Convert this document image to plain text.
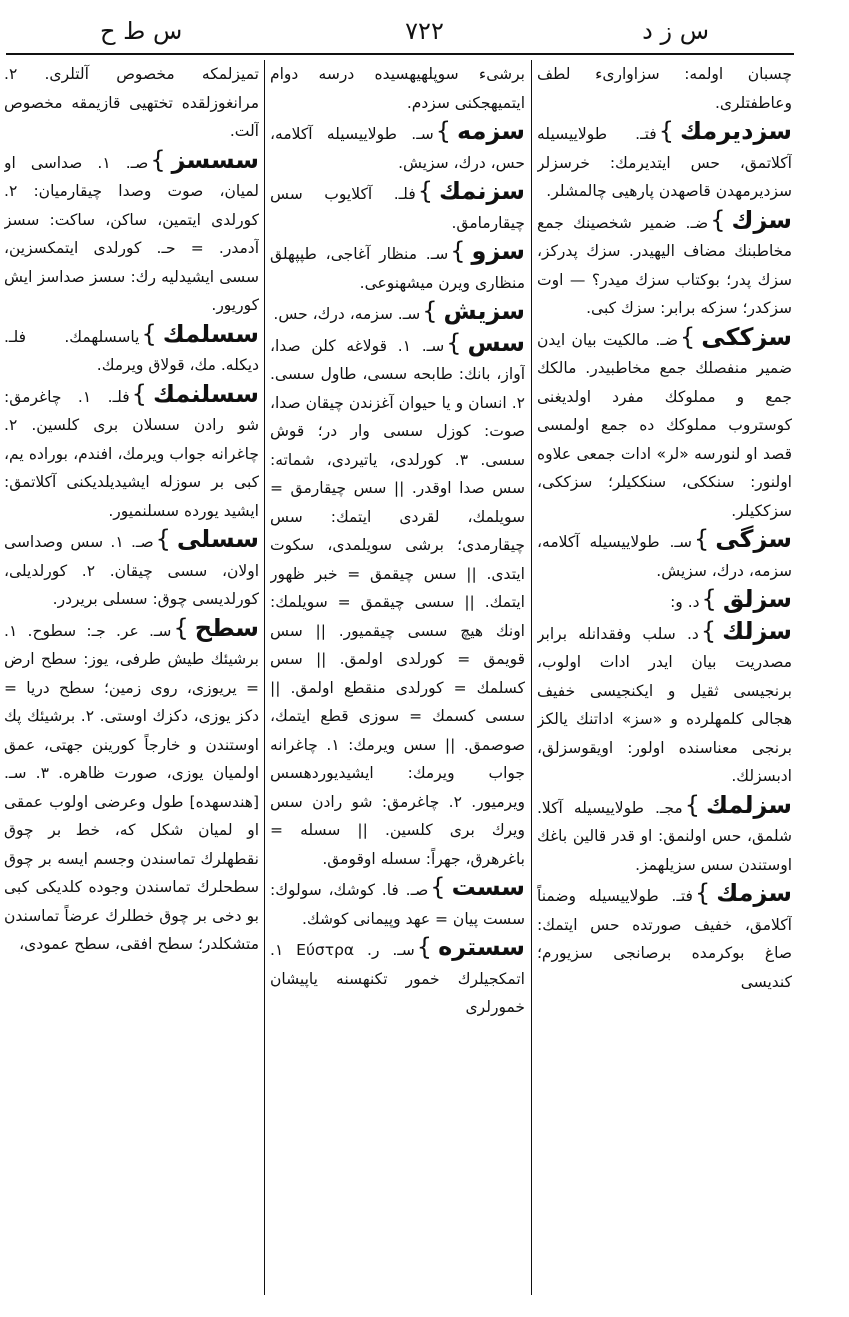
س ز د
٧٢٢
س ط ح

چسبان اولمه: سزاواریء لطف وعاطفتلری.

سزدیرمك}فتـ. طولاییسیله آكلاتمق، حس ایتدیرمك: خرسزلر سزدیرمهدن قاصهدن پارهیی چالمشلر.

سزك}ضـ. ضمیر شخصینك جمع مخاطبنك مضاف الیهیدر. سزك پدركز، سزك پدر؛ بوكتاب سزك میدر؟ — اوت سزكدر؛ سزكه برابر: سزك كبی.

سزككی}ضـ. مالكیت بیان ایدن ضمیر منفصلك جمع مخاطبیدر. مالكك جمع و مملوكك مفرد اولدیغنی كوستروب مملوكك ده جمع اولمسی قصد او لنورسه «لر» ادات جمعی علاوه اولنور: سنككی، سنككیلر؛ سزككی، سزككیلر.

سزگی}سـ. طولاییسیله آكلامه، سزمه، درك، سزیش.

سزلق}د. و:

سزلك}د. سلب وفقدانله برابر مصدریت بیان ایدر ادات اولوب، برنجیسی ثقیل و ایكنجیسی خفیف هجالی كلمهلرده و «سز» اداتنك یالكز برنجی معناسنده اولور: اویقوسزلق، ادبسزلك.

سزلمك}مجـ. طولاییسیله آكلا. شلمق، حس اولنمق: او قدر قالین باغك اوستندن سس سزیلهمز.

سزمك}فتـ. طولاییسیله وضمناً آكلامق، خفیف صورتده حس ایتمك: صاغ بوكرمده برصانجی سزیورم؛ كندیسی

برشیء سوپلهیهسیده درسه دوام ایتمیهجكنی سزدم.

سزمه}سـ. طولاییسیله آكلامه، حس، درك، سزیش.

سزنمك}فلـ. آكلایوب سس چیقارمامق.

سزو}سـ. منظار آغاجی، طپپهلق منظاری ویرن میشهنوعی.

سزیش}سـ. سزمه، درك، حس.

سس}سـ. ١. قولاغه كلن صدا، آواز، بانك: طابحه سسی، طاول سسی. ٢. انسان و یا حیوان آغزندن چیقان صدا، صوت: كوزل سسی وار در؛ قوش سسی. ٣. كورلدی، یاتیردی، شماته: سس صدا اوقدر. || سس چیقارمق = سویلمك، لقردی ایتمك: سس چیقارمدی؛ برشی سویلمدی، سكوت ایتدی. || سس چیقمق = خبر ظهور ایتمك. || سسی چیقمق = سویلمك: اونك هیچ سسی چیقمیور. || سس قویمق = كورلدی اولمق. || سس كسلمك = كورلدی منقطع اولمق. || سسی كسمك = سوزی قطع ایتمك، صوصمق. || سس ویرمك: ١. چاغرانه جواب ویرمك: ایشیدیوردهسس ویرمیور. ٢. چاغرمق: شو رادن سس ویرك بری كلسین. || سسله = باغرهرق، جهراً: سسله اوقومق.

سست}صـ. فا. كوشك، سولوك: سست پیان = عهد وپیمانی كوشك.

سستره}سـ. ر. Εύστρα ١. اتمكجیلرك خمور تكنهسنه یاپیشان خمورلری

تمیزلمكه مخصوص آلتلری. ٢. مرانغوزلقده تختهیی قازیمقه مخصوص آلت.

سسسز}صـ. ١. صداسی او لمیان، صوت وصدا چیقارمیان: ٢. كورلدی ایتمین، ساكن، ساكت: سسز آدمدر. = حـ. كورلدی ایتمكسزین، سسی ایشیدلیه رك: سسز صداسز ایش كوریور.

سسلمك}یاسسلهمك. فلـ. دیكله. مك، قولاق ویرمك.

سسلنمك}فلـ. ١. چاغرمق: شو رادن سسلان بری كلسین. ٢. چاغرانه جواب ویرمك، افندم، بوراده یم، كبی بر سوزله ایشیدیلدیكنی آكلاتمق: ایشید یورده سسلنمیور.

سسلی}صـ. ١. سس وصداسی اولان، سسی چیقان. ٢. كورلدیلی، كورلدیسی چوق: سسلی بریردر.

سطح}سـ. عر. جـ: سطوح. ١. برشیئك طیش طرفی، یوز: سطح ارض = یریوزی، روی زمین؛ سطح دریا = دكز یوزی، دكزك اوستی. ٢. برشیئك پك اوستندن و خارجاً كورینن جهتی، عمق اولمیان یوزی، صورت ظاهره. ٣. سـ. [هندسهده] طول وعرضی اولوب عمقی او لمیان شكل كه، خط بر چوق نقطهلرك تماسندن وجسم ایسه بر چوق سطحلرك تماسندن وجوده كلدیكی كبی بو دخی بر چوق خطلرك عرضاً تماسندن متشكلدر؛ سطح افقی، سطح عمودی،
